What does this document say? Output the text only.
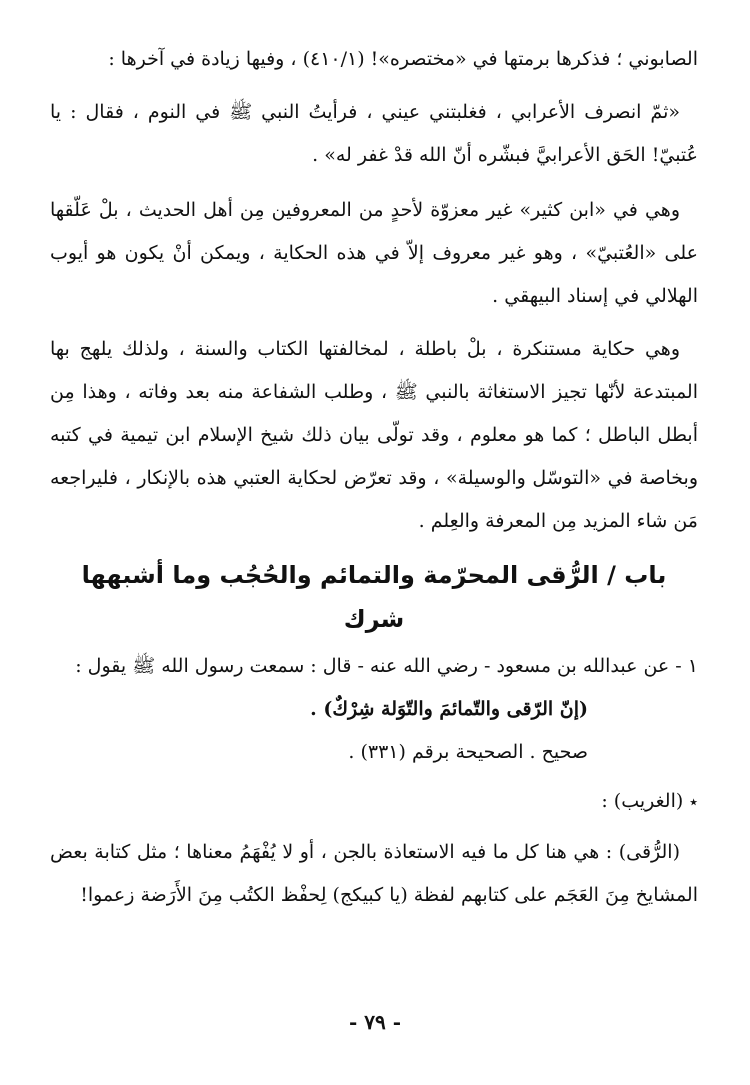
الصابوني ؛ فذكرها برمتها في «مختصره»! (٤١٠/١) ، وفيها زيادة في آخرها :

«ثمّ انصرف الأعرابي ، فغلبتني عيني ، فرأيتُ النبي ﷺ في النوم ، فقال : يا عُتبيّ! الحَق الأعرابيَّ فبشّره أنّ الله قدْ غفر له» .

وهي في «ابن كثير» غير معزوّة لأحدٍ من المعروفين مِن أهل الحديث ، بلْ عَلّقها على «العُتبيّ» ، وهو غير معروف إلاّ في هذه الحكاية ، ويمكن أنْ يكون هو أيوب الهلالي في إسناد البيهقي .

وهي حكاية مستنكرة ، بلْ باطلة ، لمخالفتها الكتاب والسنة ، ولذلك يلهج بها المبتدعة لأنّها تجيز الاستغاثة بالنبي ﷺ ، وطلب الشفاعة منه بعد وفاته ، وهذا مِن أبطل الباطل ؛ كما هو معلوم ، وقد تولّى بيان ذلك شيخ الإسلام ابن تيمية في كتبه وبخاصة في «التوسّل والوسيلة» ، وقد تعرّض لحكاية العتبي هذه بالإنكار ، فليراجعه مَن شاء المزيد مِن المعرفة والعِلم .

باب / الرُّقى المحرّمة والتمائم والحُجُب وما أشبهها شرك

١ - عن عبدالله بن مسعود - رضي الله عنه - قال : سمعت رسول الله ﷺ يقول :

(إنّ الرّقى والتّمائمَ والتّوَلة شِرْكٌ) .

صحيح . الصحيحة برقم (٣٣١) .

٭(الغريب) :

(الرُّقى) : هي هنا كل ما فيه الاستعاذة بالجن ، أو لا يُفْهَمُ معناها ؛ مثل كتابة بعض المشايخ مِنَ العَجَم على كتابهم لفظة (يا كبيكج) لِحفْظ الكتُب مِنَ الأَرَضة زعموا!

- ٧٩ -
